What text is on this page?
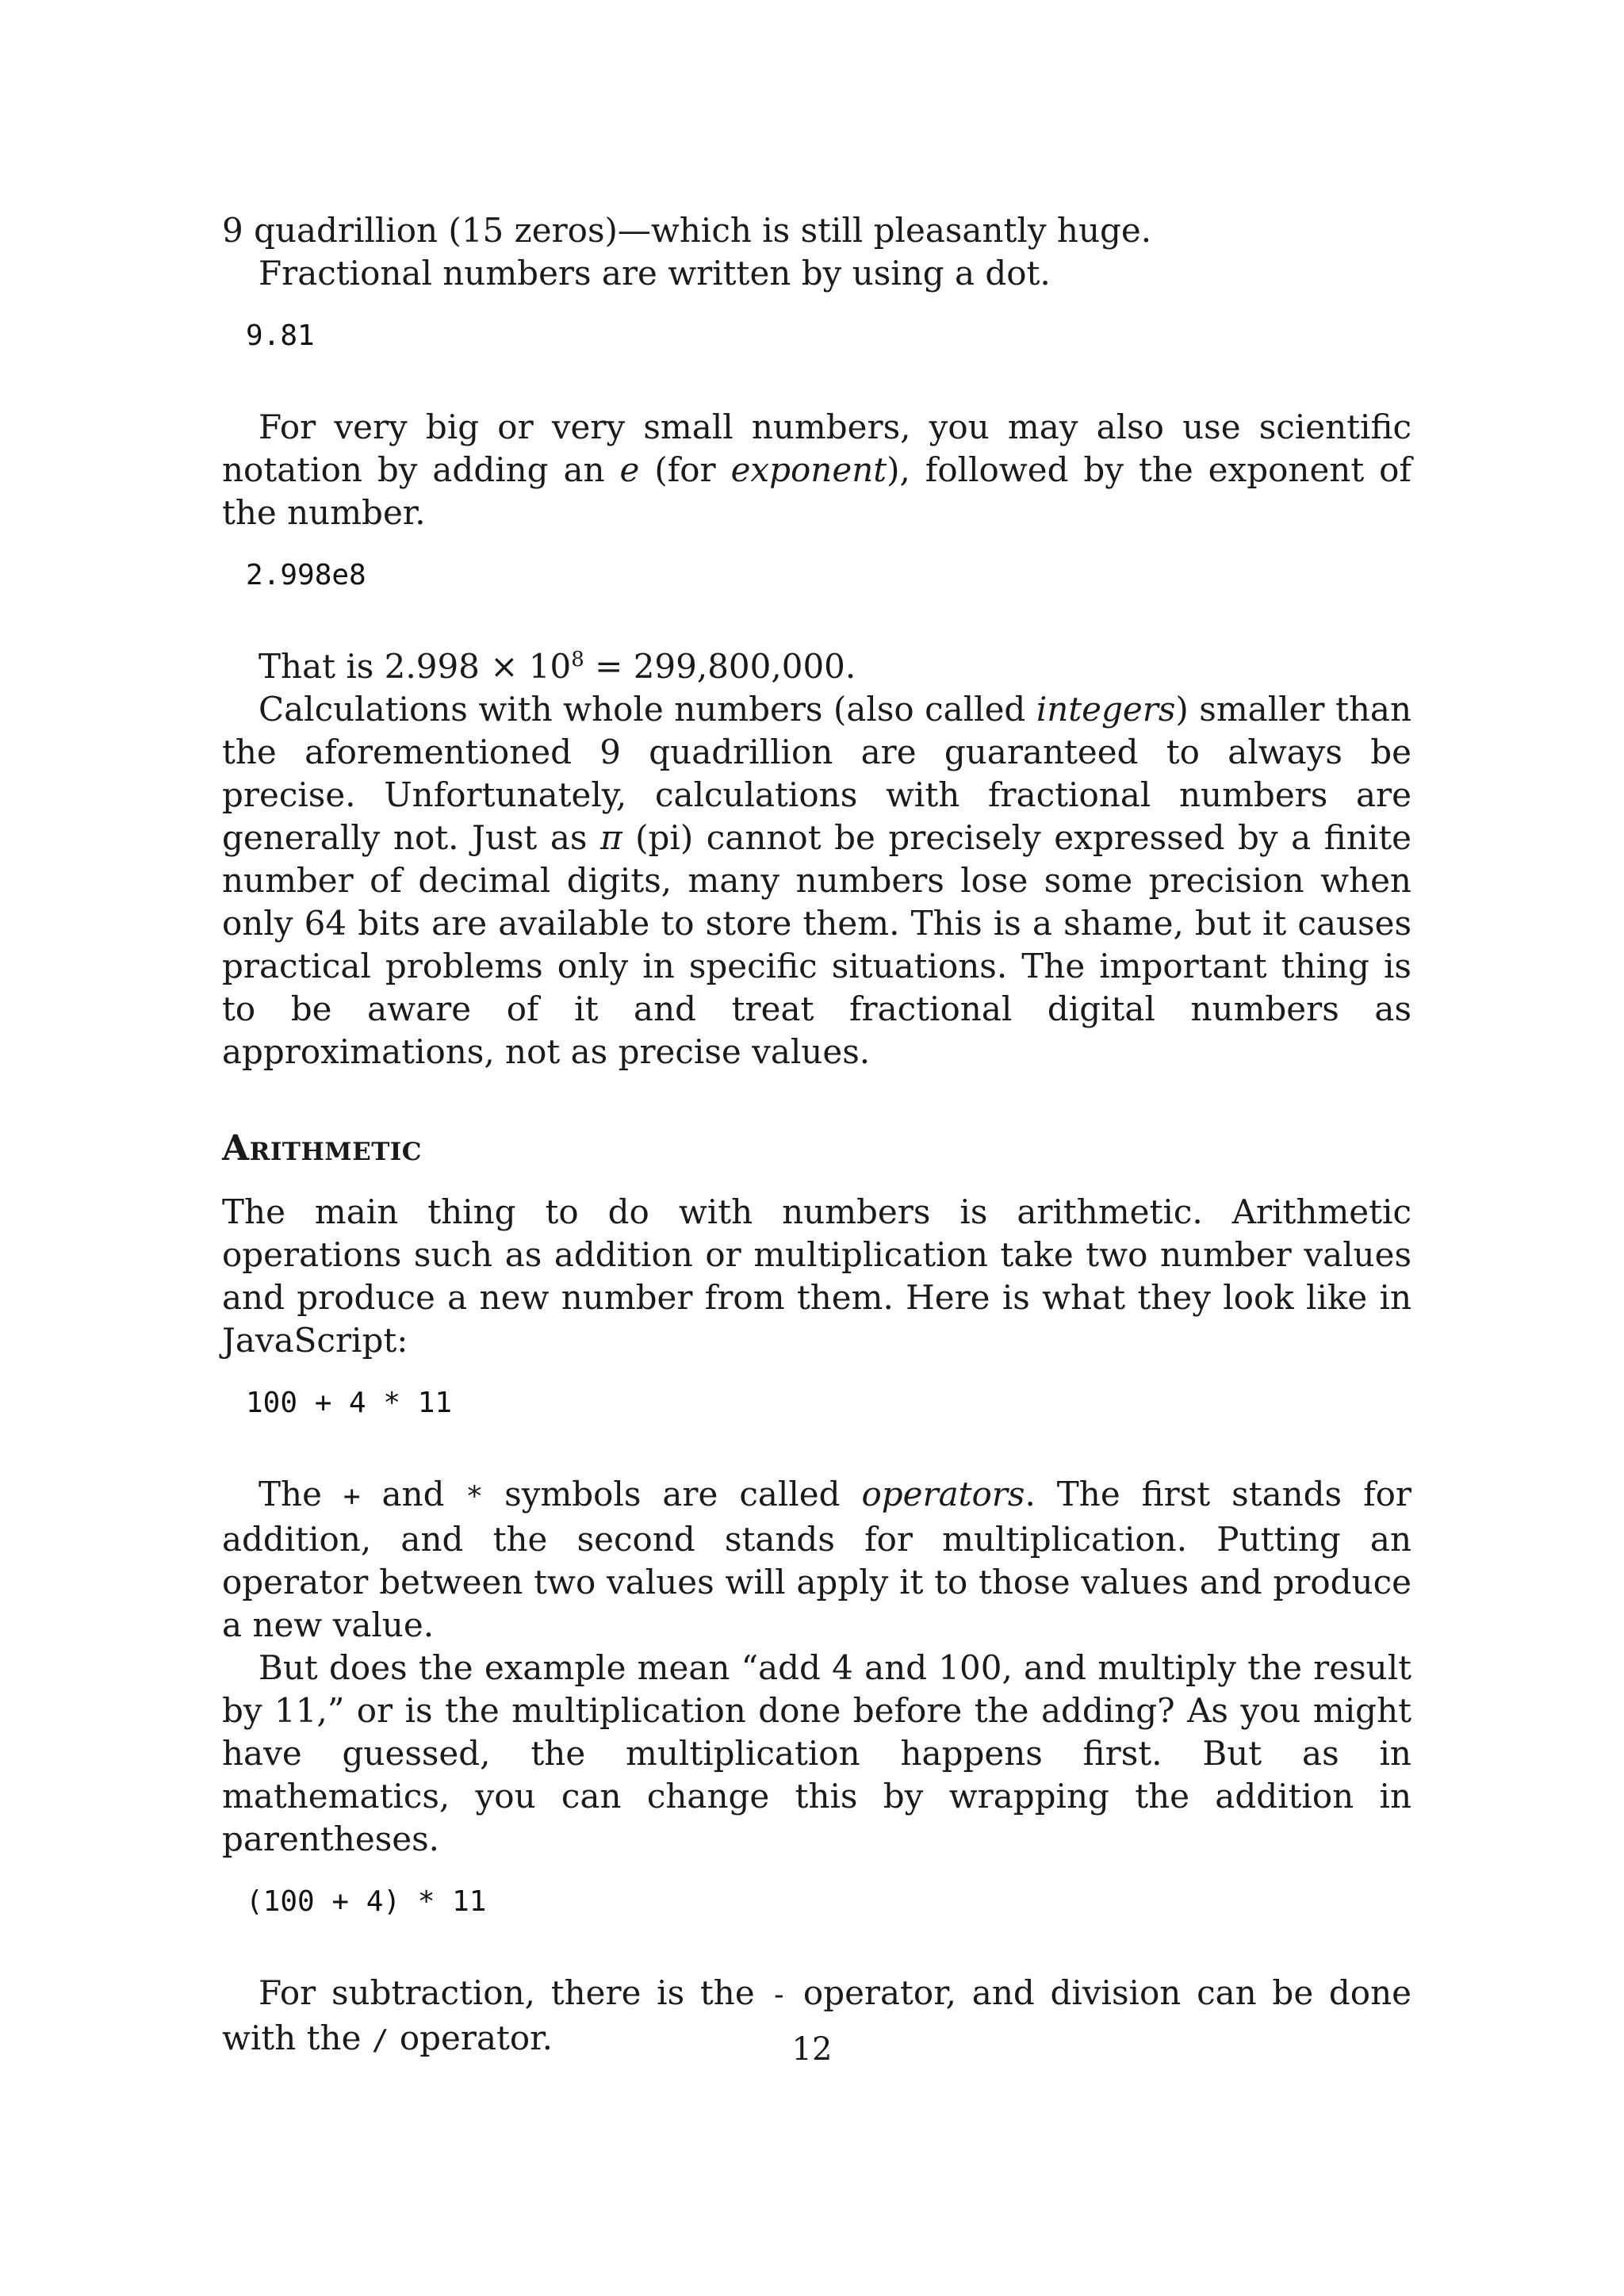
9 quadrillion (15 zeros)—which is still pleasantly huge.

Fractional numbers are written by using a dot.

9.81

For very big or very small numbers, you may also use scientific notation by adding an e (for exponent), followed by the exponent of the number.

2.998e8

That is $2.998 \times 10^8 = 299,800,000$.

Calculations with whole numbers (also called integers) smaller than the aforementioned 9 quadrillion are guaranteed to always be precise. Unfortunately, calculations with fractional numbers are generally not. Just as π (pi) cannot be precisely expressed by a finite number of decimal digits, many numbers lose some precision when only 64 bits are available to store them. This is a shame, but it causes practical problems only in specific situations. The important thing is to be aware of it and treat fractional digital numbers as approximations, not as precise values.

Arithmetic

The main thing to do with numbers is arithmetic. Arithmetic operations such as addition or multiplication take two number values and produce a new number from them. Here is what they look like in JavaScript:

100 + 4 * 11

The + and * symbols are called operators. The first stands for addition, and the second stands for multiplication. Putting an operator between two values will apply it to those values and produce a new value.

But does the example mean “add 4 and 100, and multiply the result by 11,” or is the multiplication done before the adding? As you might have guessed, the multiplication happens first. But as in mathematics, you can change this by wrapping the addition in parentheses.

(100 + 4) * 11

For subtraction, there is the - operator, and division can be done with the / operator.	12
